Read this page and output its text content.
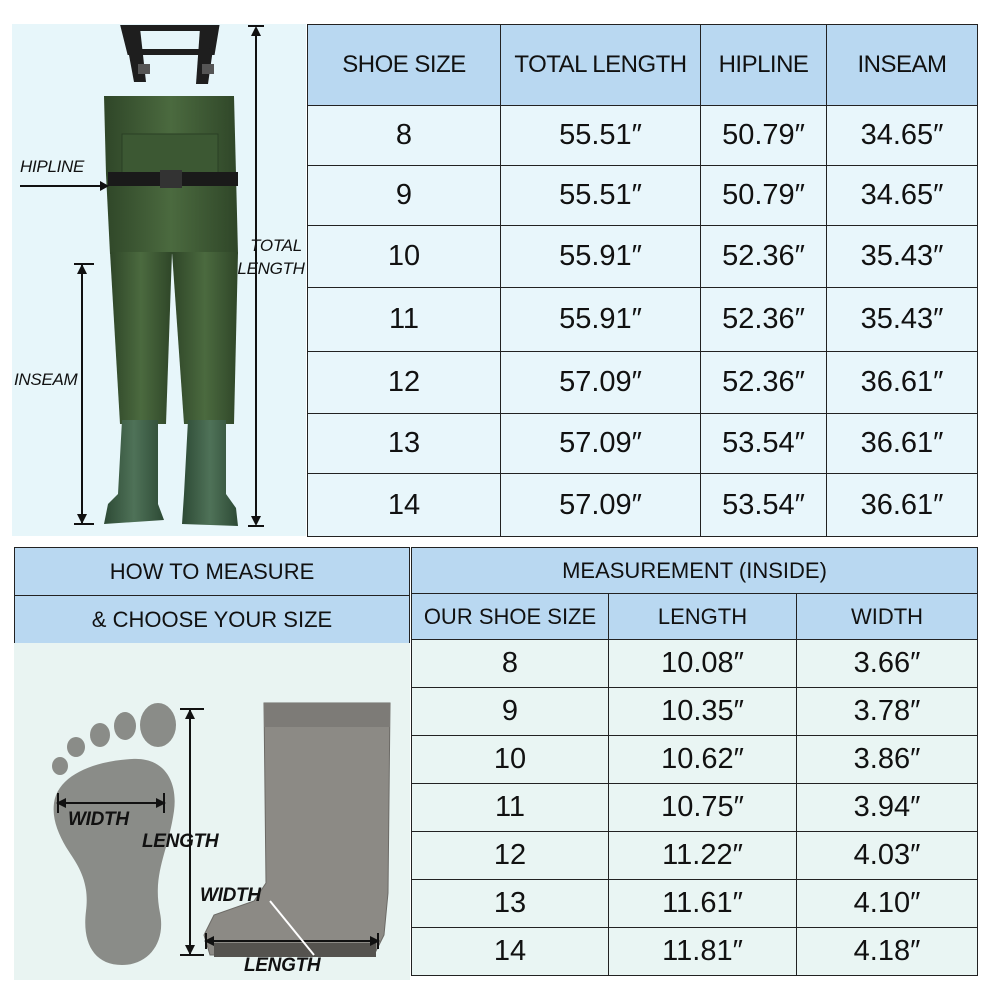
HIPLINE
TOTAL
LENGTH
INSEAM
SHOE SIZE	TOTAL LENGTH	HIPLINE	INSEAM
8	55.51″	50.79″	34.65″
9	55.51″	50.79″	34.65″
10	55.91″	52.36″	35.43″
11	55.91″	52.36″	35.43″
12	57.09″	52.36″	36.61″
13	57.09″	53.54″	36.61″
14	57.09″	53.54″	36.61″
HOW TO MEASURE
& CHOOSE YOUR SIZE
WIDTH
LENGTH
WIDTH
LENGTH
MEASUREMENT (INSIDE)		
OUR SHOE SIZE	LENGTH	WIDTH
8	10.08″	3.66″
9	10.35″	3.78″
10	10.62″	3.86″
11	10.75″	3.94″
12	11.22″	4.03″
13	11.61″	4.10″
14	11.81″	4.18″
